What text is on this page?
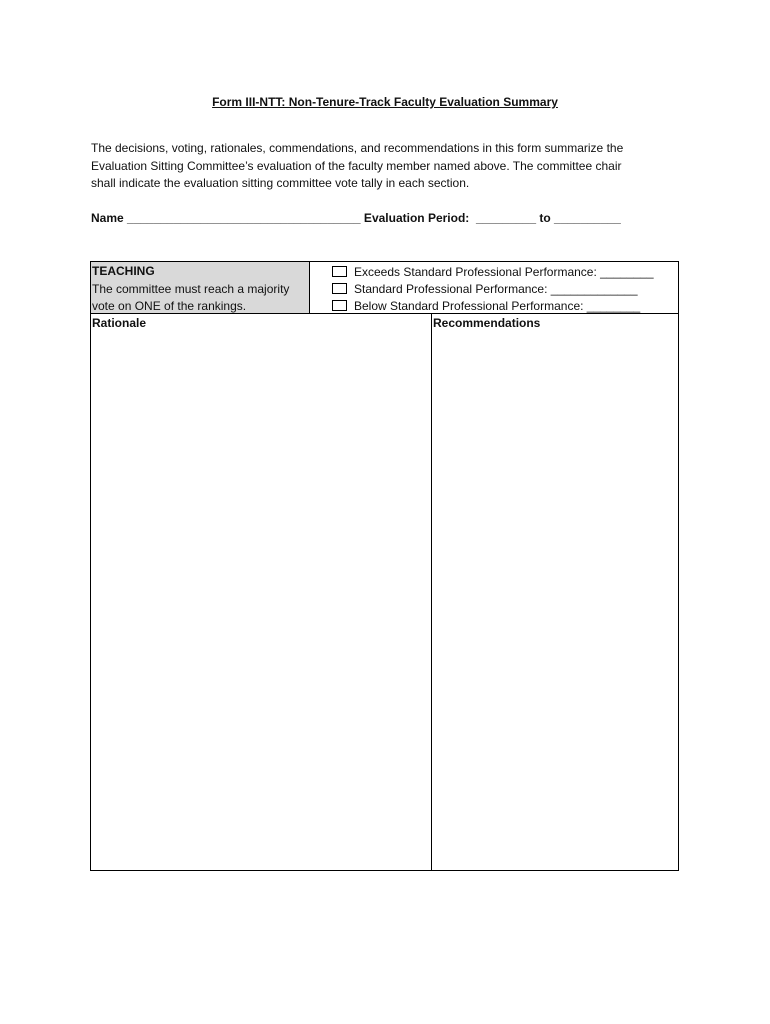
Form III-NTT: Non-Tenure-Track Faculty Evaluation Summary
The decisions, voting, rationales, commendations, and recommendations in this form summarize the
Evaluation Sitting Committee’s evaluation of the faculty member named above. The committee chair
shall indicate the evaluation sitting committee vote tally in each section.
Name ___________________________________ Evaluation Period:  _________ to __________
TEACHING
The committee must reach a majority
vote on ONE of the rankings.
Exceeds Standard Professional Performance: ________
Standard Professional Performance: _____________
Below Standard Professional Performance: ________
Rationale	Recommendations
